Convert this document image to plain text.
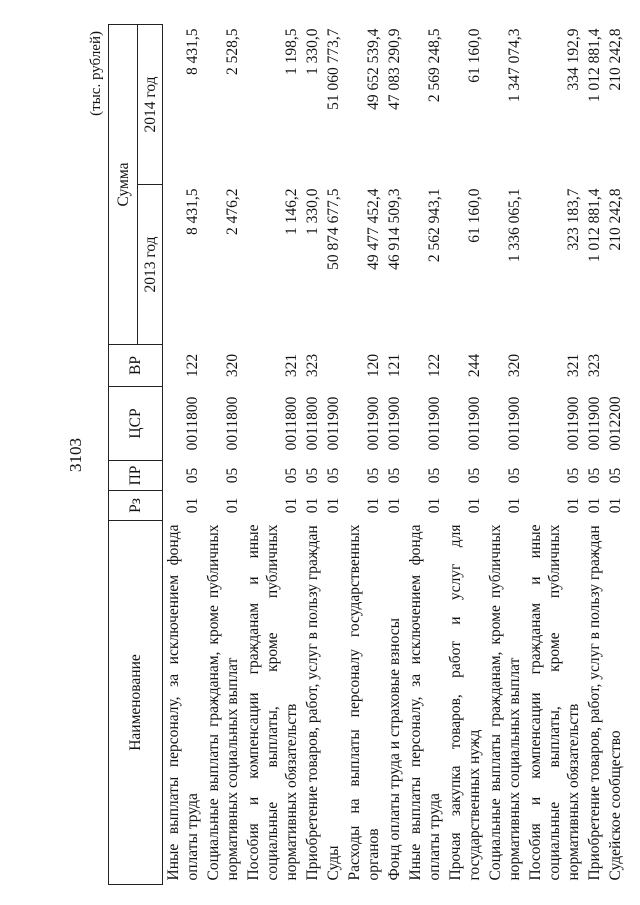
3103
(тыс. рублей)
Наименование	Рз	ПР	ЦСР	ВР	Сумма	
					2013 год	2014 год
Иные выплаты персоналу, за исключением фонда оплаты труда	01	05	0011800	122	8 431,5	8 431,5
Социальные выплаты гражданам, кроме публичных нормативных социальных выплат	01	05	0011800	320	2 476,2	2 528,5
Пособия и компенсации гражданам и иные социальные выплаты, кроме публичных нормативных обязательств	01	05	0011800	321	1 146,2	1 198,5
Приобретение товаров, работ, услуг в пользу граждан	01	05	0011800	323	1 330,0	1 330,0
Суды	01	05	0011900		50 874 677,5	51 060 773,7
Расходы на выплаты персоналу государственных органов	01	05	0011900	120	49 477 452,4	49 652 539,4
Фонд оплаты труда и страховые взносы	01	05	0011900	121	46 914 509,3	47 083 290,9
Иные выплаты персоналу, за исключением фонда оплаты труда	01	05	0011900	122	2 562 943,1	2 569 248,5
Прочая закупка товаров, работ и услуг для государственных нужд	01	05	0011900	244	61 160,0	61 160,0
Социальные выплаты гражданам, кроме публичных нормативных социальных выплат	01	05	0011900	320	1 336 065,1	1 347 074,3
Пособия и компенсации гражданам и иные социальные выплаты, кроме публичных нормативных обязательств	01	05	0011900	321	323 183,7	334 192,9
Приобретение товаров, работ, услуг в пользу граждан	01	05	0011900	323	1 012 881,4	1 012 881,4
Судейское сообщество	01	05	0012200		210 242,8	210 242,8
